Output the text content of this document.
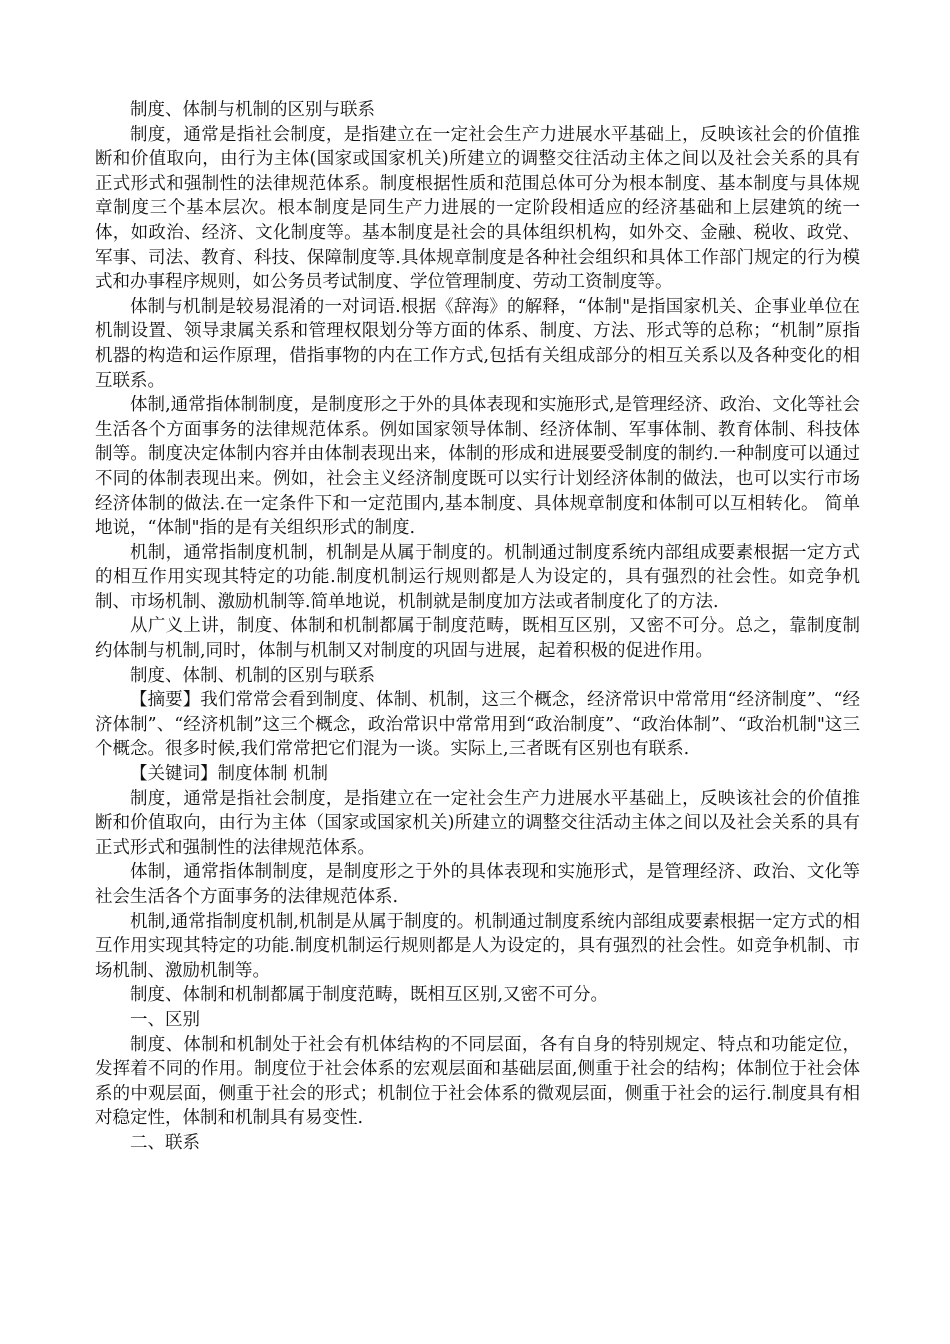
制度、体制与机制的区别与联系

制度，通常是指社会制度，是指建立在一定社会生产力进展水平基础上，反映该社会的价值推断和价值取向，由行为主体(国家或国家机关)所建立的调整交往活动主体之间以及社会关系的具有正式形式和强制性的法律规范体系。制度根据性质和范围总体可分为根本制度、基本制度与具体规章制度三个基本层次。根本制度是同生产力进展的一定阶段相适应的经济基础和上层建筑的统一体，如政治、经济、文化制度等。基本制度是社会的具体组织机构，如外交、金融、税收、政党、军事、司法、教育、科技、保障制度等.具体规章制度是各种社会组织和具体工作部门规定的行为模式和办事程序规则，如公务员考试制度、学位管理制度、劳动工资制度等。

体制与机制是较易混淆的一对词语.根据《辞海》的解释，“体制"是指国家机关、企事业单位在机制设置、领导隶属关系和管理权限划分等方面的体系、制度、方法、形式等的总称；“机制”原指机器的构造和运作原理，借指事物的内在工作方式,包括有关组成部分的相互关系以及各种变化的相互联系。

体制,通常指体制制度，是制度形之于外的具体表现和实施形式,是管理经济、政治、文化等社会生活各个方面事务的法律规范体系。例如国家领导体制、经济体制、军事体制、教育体制、科技体制等。制度决定体制内容并由体制表现出来，体制的形成和进展要受制度的制约.一种制度可以通过不同的体制表现出来。例如，社会主义经济制度既可以实行计划经济体制的做法，也可以实行市场经济体制的做法.在一定条件下和一定范围内,基本制度、具体规章制度和体制可以互相转化。 简单地说，“体制"指的是有关组织形式的制度.

机制，通常指制度机制，机制是从属于制度的。机制通过制度系统内部组成要素根据一定方式的相互作用实现其特定的功能.制度机制运行规则都是人为设定的，具有强烈的社会性。如竞争机制、市场机制、激励机制等.简单地说，机制就是制度加方法或者制度化了的方法.

从广义上讲，制度、体制和机制都属于制度范畴，既相互区别，又密不可分。总之，靠制度制约体制与机制,同时，体制与机制又对制度的巩固与进展，起着积极的促进作用。

制度、体制、机制的区别与联系

【摘要】我们常常会看到制度、体制、机制，这三个概念，经济常识中常常用“经济制度”、“经济体制”、“经济机制”这三个概念，政治常识中常常用到“政治制度”、“政治体制”、“政治机制"这三个概念。很多时候,我们常常把它们混为一谈。实际上,三者既有区别也有联系.

【关键词】制度体制 机制

制度，通常是指社会制度，是指建立在一定社会生产力进展水平基础上，反映该社会的价值推断和价值取向，由行为主体（国家或国家机关)所建立的调整交往活动主体之间以及社会关系的具有正式形式和强制性的法律规范体系。

体制，通常指体制制度，是制度形之于外的具体表现和实施形式，是管理经济、政治、文化等社会生活各个方面事务的法律规范体系.

机制,通常指制度机制,机制是从属于制度的。机制通过制度系统内部组成要素根据一定方式的相互作用实现其特定的功能.制度机制运行规则都是人为设定的，具有强烈的社会性。如竞争机制、市场机制、激励机制等。

制度、体制和机制都属于制度范畴，既相互区别,又密不可分。

一、区别

制度、体制和机制处于社会有机体结构的不同层面，各有自身的特别规定、特点和功能定位，发挥着不同的作用。制度位于社会体系的宏观层面和基础层面,侧重于社会的结构；体制位于社会体系的中观层面，侧重于社会的形式；机制位于社会体系的微观层面，侧重于社会的运行.制度具有相对稳定性，体制和机制具有易变性.

二、联系
